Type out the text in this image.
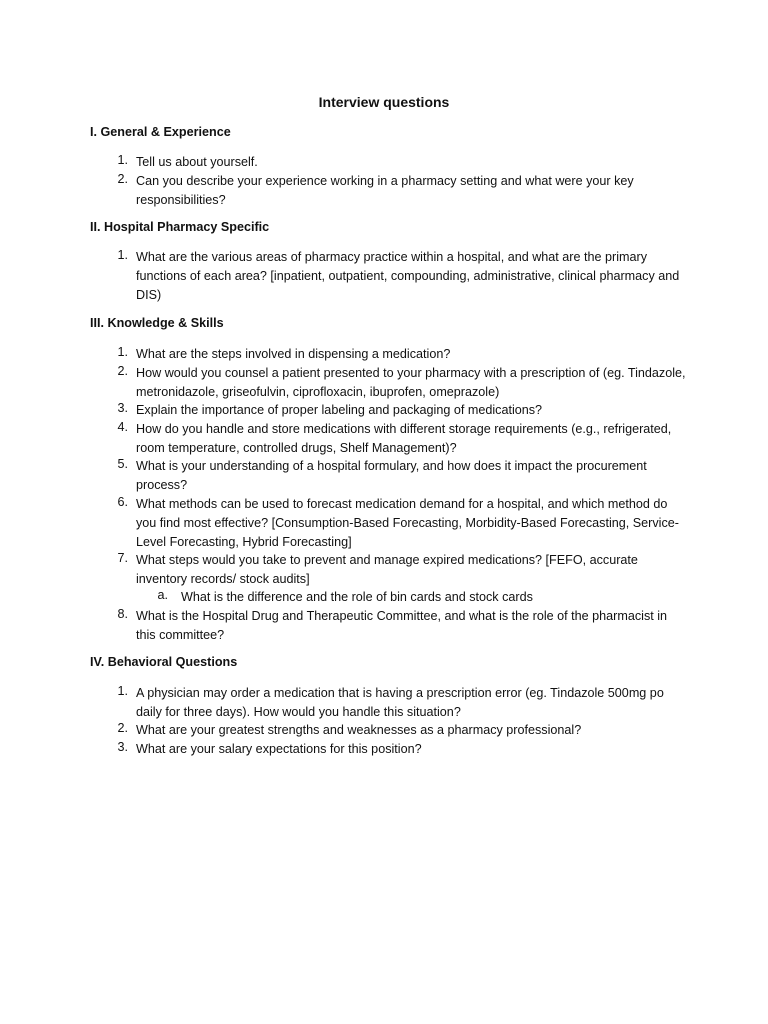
Interview questions
I. General & Experience
1. Tell us about yourself.
2. Can you describe your experience working in a pharmacy setting and what were your key responsibilities?
II. Hospital Pharmacy Specific
1. What are the various areas of pharmacy practice within a hospital, and what are the primary functions of each area? [inpatient, outpatient, compounding, administrative, clinical pharmacy and DIS)
III. Knowledge & Skills
1. What are the steps involved in dispensing a medication?
2. How would you counsel a patient presented to your pharmacy with a prescription of (eg. Tindazole, metronidazole, griseofulvin, ciprofloxacin, ibuprofen, omeprazole)
3. Explain the importance of proper labeling and packaging of medications?
4. How do you handle and store medications with different storage requirements (e.g., refrigerated, room temperature, controlled drugs, Shelf Management)?
5. What is your understanding of a hospital formulary, and how does it impact the procurement process?
6. What methods can be used to forecast medication demand for a hospital, and which method do you find most effective? [Consumption-Based Forecasting, Morbidity-Based Forecasting, Service-Level Forecasting, Hybrid Forecasting]
7. What steps would you take to prevent and manage expired medications? [FEFO, accurate inventory records/ stock audits]
a. What is the difference and the role of bin cards and stock cards
8. What is the Hospital Drug and Therapeutic Committee, and what is the role of the pharmacist in this committee?
IV. Behavioral Questions
1. A physician may order a medication that is having a prescription error (eg. Tindazole 500mg po daily for three days). How would you handle this situation?
2. What are your greatest strengths and weaknesses as a pharmacy professional?
3. What are your salary expectations for this position?
